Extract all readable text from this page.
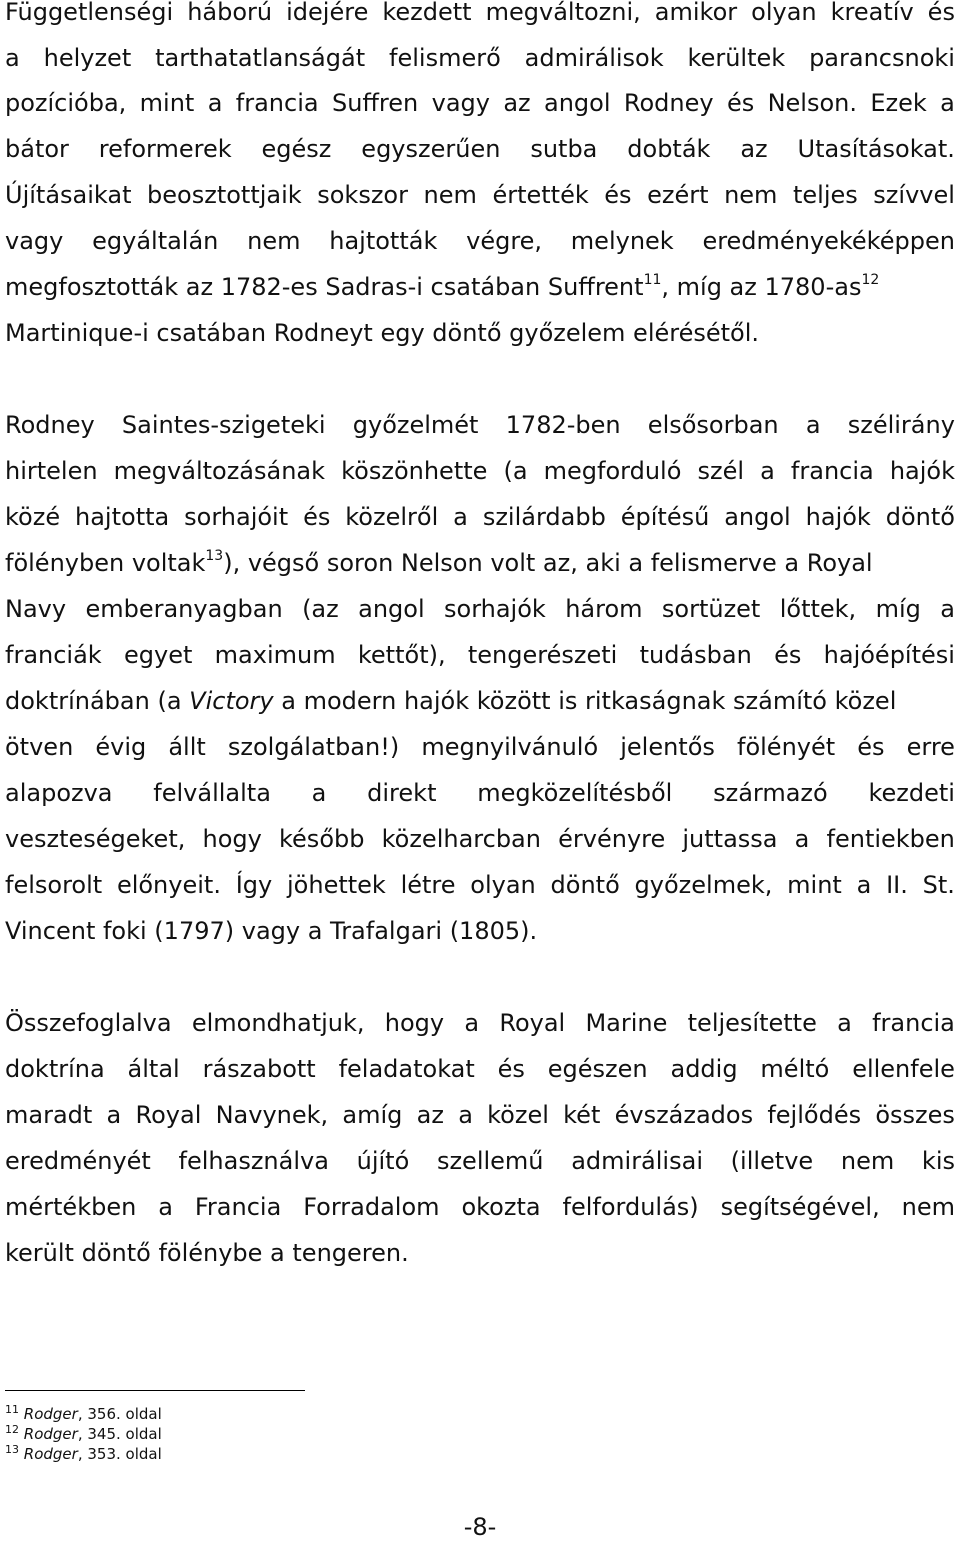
Függetlenségi háború idejére kezdett megváltozni, amikor olyan kreatív és
a helyzet tarthatatlanságát felismerő admirálisok kerültek parancsnoki
pozícióba, mint a francia Suffren vagy az angol Rodney és Nelson. Ezek a
bátor reformerek egész egyszerűen sutba dobták az Utasításokat.
Újításaikat beosztottjaik sokszor nem értették és ezért nem teljes szívvel
vagy egyáltalán nem hajtották végre, melynek eredményekéképpen
megfosztották az 1782-es Sadras-i csatában Suffrent$^{11}$, míg az $1780-as^{12}$
Martinique-i csatában Rodneyt egy döntő győzelem elérésétől.
Rodney Saintes-szigeteki győzelmét 1782-ben elsősorban a szélirány
hirtelen megváltozásának köszönhette (a megforduló szél a francia hajók
közé hajtotta sorhajóit és közelről a szilárdabb építésű angol hajók döntő
fölényben voltak$^{13}$), végső soron Nelson volt az, aki a felismerve a Royal
Navy emberanyagban (az angol sorhajók három sortüzet lőttek, míg a
franciák egyet maximum kettőt), tengerészeti tudásban és hajóépítési
doktrínában (a Victory a modern hajók között is ritkaságnak számító közel
ötven évig állt szolgálatban!) megnyilvánuló jelentős fölényét és erre
alapozva felvállalta a direkt megközelítésből származó kezdeti
veszteségeket, hogy később közelharcban érvényre juttassa a fentiekben
felsorolt előnyeit. Így jöhettek létre olyan döntő győzelmek, mint a II. St.
Vincent foki (1797) vagy a Trafalgari (1805).
Összefoglalva elmondhatjuk, hogy a Royal Marine teljesítette a francia
doktrína által rászabott feladatokat és egészen addig méltó ellenfele
maradt a Royal Navynek, amíg az a közel két évszázados fejlődés összes
eredményét felhasználva újító szellemű admirálisai (illetve nem kis
mértékben a Francia Forradalom okozta felfordulás) segítségével, nem
került döntő fölénybe a tengeren.
$^{11}$ Rodger, 356. oldal
$^{12}$ Rodger, 345. oldal
$^{13}$ Rodger, 353. oldal
-8-
